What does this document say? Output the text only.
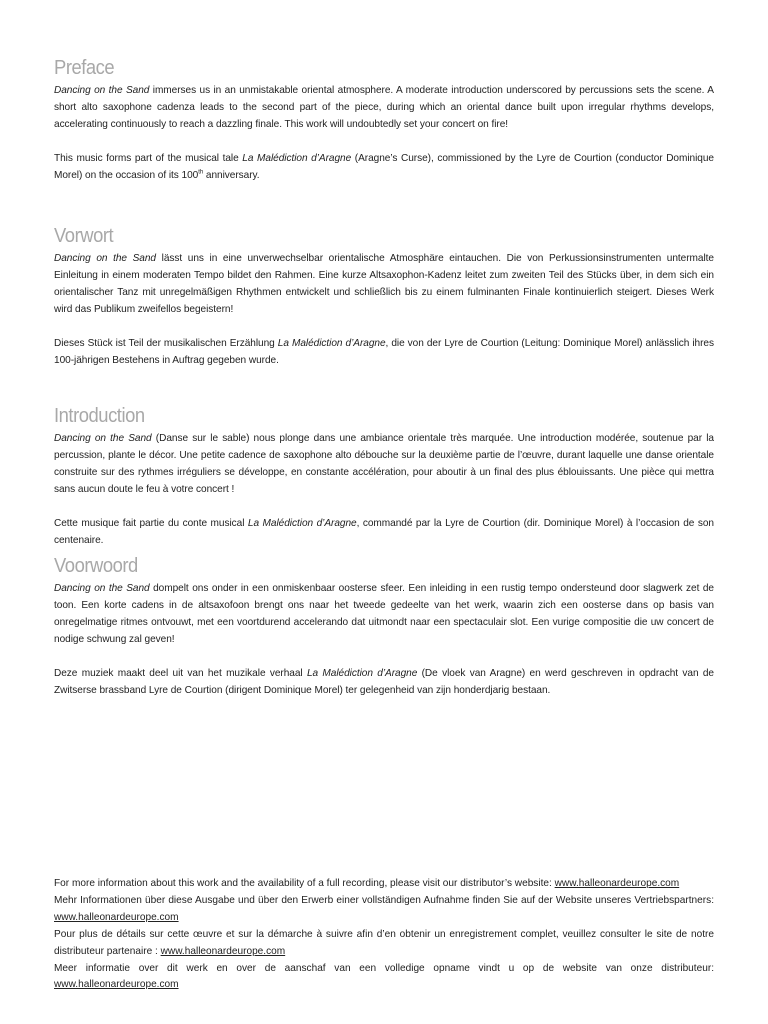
Preface

Dancing on the Sand immerses us in an unmistakable oriental atmosphere. A moderate introduction underscored by percussions sets the scene. A short alto saxophone cadenza leads to the second part of the piece, during which an oriental dance built upon irregular rhythms develops, accelerating continuously to reach a dazzling finale. This work will undoubtedly set your concert on fire!

This music forms part of the musical tale La Malédiction d’Aragne (Aragne’s Curse), commissioned by the Lyre de Courtion (conductor Dominique Morel) on the occasion of its 100th anniversary.

Vorwort

Dancing on the Sand lässt uns in eine unverwechselbar orientalische Atmosphäre eintauchen. Die von Perkussionsinstrumenten untermalte Einleitung in einem moderaten Tempo bildet den Rahmen. Eine kurze Altsaxophon-Kadenz leitet zum zweiten Teil des Stücks über, in dem sich ein orientalischer Tanz mit unregelmäßigen Rhythmen entwickelt und schließlich bis zu einem fulminanten Finale kontinuierlich steigert. Dieses Werk wird das Publikum zweifellos begeistern!

Dieses Stück ist Teil der musikalischen Erzählung La Malédiction d’Aragne, die von der Lyre de Courtion (Leitung: Dominique Morel) anlässlich ihres 100-jährigen Bestehens in Auftrag gegeben wurde.

Introduction

Dancing on the Sand (Danse sur le sable) nous plonge dans une ambiance orientale très marquée. Une introduction modérée, soutenue par la percussion, plante le décor. Une petite cadence de saxophone alto débouche sur la deuxième partie de l’œuvre, durant laquelle une danse orientale construite sur des rythmes irréguliers se développe, en constante accélération, pour aboutir à un final des plus éblouissants. Une pièce qui mettra sans aucun doute le feu à votre concert !

Cette musique fait partie du conte musical La Malédiction d’Aragne, commandé par la Lyre de Courtion (dir. Dominique Morel) à l’occasion de son centenaire.

Voorwoord

Dancing on the Sand dompelt ons onder in een onmiskenbaar oosterse sfeer. Een inleiding in een rustig tempo ondersteund door slagwerk zet de toon. Een korte cadens in de altsaxofoon brengt ons naar het tweede gedeelte van het werk, waarin zich een oosterse dans op basis van onregelmatige ritmes ontvouwt, met een voortdurend accelerando dat uitmondt naar een spectaculair slot. Een vurige compositie die uw concert de nodige schwung zal geven!

Deze muziek maakt deel uit van het muzikale verhaal La Malédiction d’Aragne (De vloek van Aragne) en werd geschreven in opdracht van de Zwitserse brassband Lyre de Courtion (dirigent Dominique Morel) ter gelegenheid van zijn honderdjarig bestaan.

For more information about this work and the availability of a full recording, please visit our distributor’s website: www.halleonardeurope.com

Mehr Informationen über diese Ausgabe und über den Erwerb einer vollständigen Aufnahme finden Sie auf der Website unseres Vertriebspartners: www.halleonardeurope.com

Pour plus de détails sur cette œuvre et sur la démarche à suivre afin d’en obtenir un enregistrement complet, veuillez consulter le site de notre distributeur partenaire : www.halleonardeurope.com

Meer informatie over dit werk en over de aanschaf van een volledige opname vindt u op de website van onze distributeur: www.halleonardeurope.com
